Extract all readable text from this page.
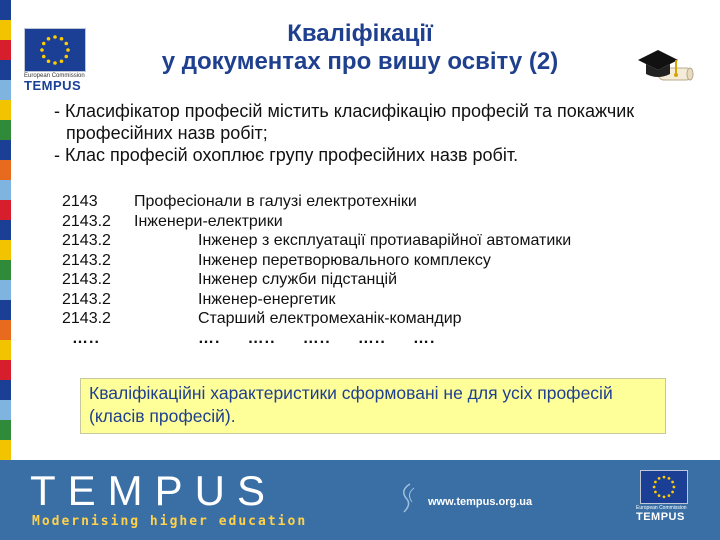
European Commission
TEMPUS
Кваліфікації
у документах про вишу освіту (2)
- Класифікатор професій містить класифікацію професій та покажчик професійних назв робіт;
- Клас професій охоплює групу професійних назв робіт.
2143 Професіонали в галузі електротехніки
2143.2 Інженери-електрики
2143.2	Інженер з експлуатації протиаварійної автоматики
2143.2	Інженер перетворювального комплексу
2143.2	Інженер служби підстанцій
2143.2	Інженер-енергетик
2143.2	Старший електромеханік-командир
…..	….     …..     …..     …..     ….
Кваліфікаційні характеристики сформовані не для усіх професій (класів професій).
TEMPUS
Modernising higher education
www.tempus.org.ua	European Commission
TEMPUS
